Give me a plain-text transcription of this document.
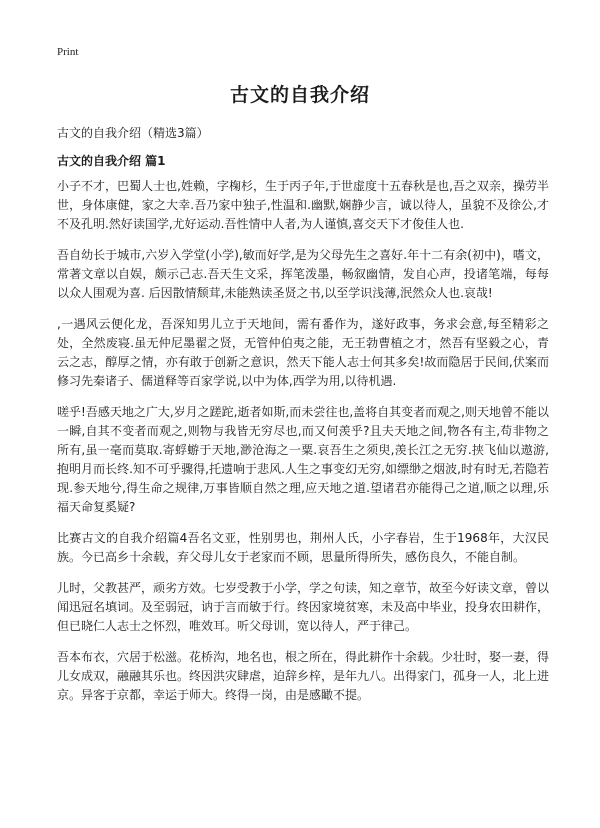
Print
古文的自我介绍
古文的自我介绍（精选3篇）
古文的自我介绍 篇1

小子不才，巴蜀人士也,姓赖，字椈杉，生于丙子年,于世虚度十五春秋是也,吾之双亲，操劳半世，身体康健，家之大幸.吾乃家中独子,性温和.幽默,娴静少言，诚以待人，虽貌不及徐公,才不及孔明.然好读国学,尤好运动.吾性情中人者,为人谨慎,喜交天下才俊佳人也.

吾自幼长于城市,六岁入学堂(小学),敏而好学,是为父母先生之喜好.年十二有余(初中)，嗜文，常著文章以自娱，颇示己志.吾天生文采，挥笔泼墨，畅叙幽情，发自心声，投诸笔端，每每以众人围观为喜. 后因散情颓茸,未能熟读圣贤之书,以至学识浅薄,泯然众人也.哀哉!

,一遇风云便化龙，吾深知男儿立于天地间，需有番作为，遂好政事，务求会意,每至精彩之处，全然废寝.虽无仲尼墨翟之贤，无管仲伯夷之能，无王勃曹植之才，然吾有坚毅之心，青云之志，醇厚之情，亦有敢于创新之意识，然天下能人志士何其多矣!故而隐居于民间,伏案而修习先秦诸子、儒道释等百家学说,以中为体,西学为用,以待机遇.

嗟乎!吾感天地之广大,岁月之蹉跎,逝者如斯,而未尝往也,盖将自其变者而观之,则天地曾不能以一瞬,自其不变者而观之,则物与我皆无穷尽也,而又何羡乎?且夫天地之间,物各有主,苟非物之所有,虽一毫而莫取.寄蜉蝣于天地,渺沧海之一粟.哀吾生之须臾,羡长江之无穷.挟飞仙以遨游,抱明月而长终.知不可乎骤得,托遗响于悲风.人生之事变幻无穷,如缥缈之烟波,时有时无,若隐若现.参天地兮,得生命之规律,万事皆顺自然之理,应天地之道.望诸君亦能得己之道,顺之以理,乐福天命复奚疑?

比赛古文的自我介绍篇4吾名文亚，性别男也，荆州人氏，小字春岩，生于1968年，大汉民族。今已高乡十余载，弃父母儿女于老家而不顾，思量所得所失，感伤良久，不能自制。

儿时，父教甚严，顽劣方效。七岁受教于小学，学之句读，知之章节，故至今好读文章，曾以闻迅冠名填词。及至弱冠，讷于言而敏于行。终因家境贫寒，未及高中毕业，投身农田耕作，但已晓仁人志士之怀烈，唯效耳。听父母训，宽以待人，严于律己。

吾本布衣，穴居于松滋。花桥沟，地名也，根之所在，得此耕作十余载。少壮时，娶一妻，得儿女成双，融融其乐也。终因洪灾肆虐，迫辞乡梓，是年九八。出得家门，孤身一人，北上进京。异客于京都，幸运于师大。终得一岗，由是感瞰不提。
